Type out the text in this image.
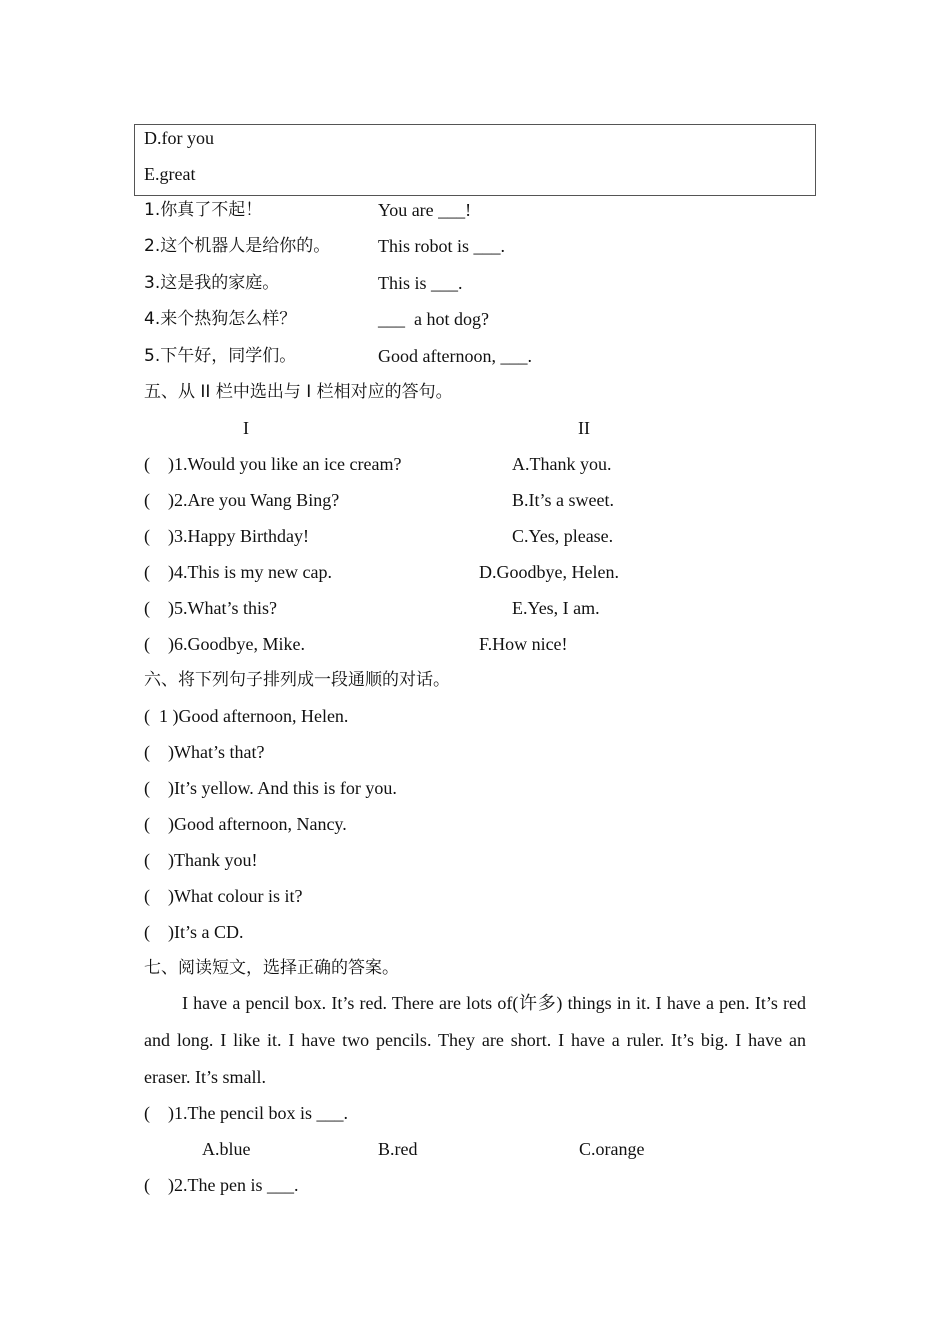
D.for you
E.great
1.你真了不起！	You are ___!
2.这个机器人是给你的。	This robot is ___.
3.这是我的家庭。	This is ___.
4.来个热狗怎么样？	___  a hot dog?
5.下午好，同学们。	Good afternoon, ___.
五、从 II 栏中选出与 I 栏相对应的答句。
I	II
(    )1.Would you like an ice cream?	A.Thank you.
(    )2.Are you Wang Bing?	B.It’s a sweet.
(    )3.Happy Birthday!	C.Yes, please.
(    )4.This is my new cap.	D.Goodbye, Helen.
(    )5.What’s this?	E.Yes, I am.
(    )6.Goodbye, Mike.	F.How nice!
六、将下列句子排列成一段通顺的对话。
(  1 )Good afternoon, Helen.
(    )What’s that?
(    )It’s yellow. And this is for you.
(    )Good afternoon, Nancy.
(    )Thank you!
(    )What colour is it?
(    )It’s a CD.
七、阅读短文，选择正确的答案。
I have a pencil box. It’s red. There are lots of(许多) things in it. I have a pen. It’s red and long. I like it. I have two pencils. They are short. I have a ruler. It’s big. I have an eraser. It’s small.
(    )1.The pencil box is ___.
A.blue	B.red	C.orange
(    )2.The pen is ___.
